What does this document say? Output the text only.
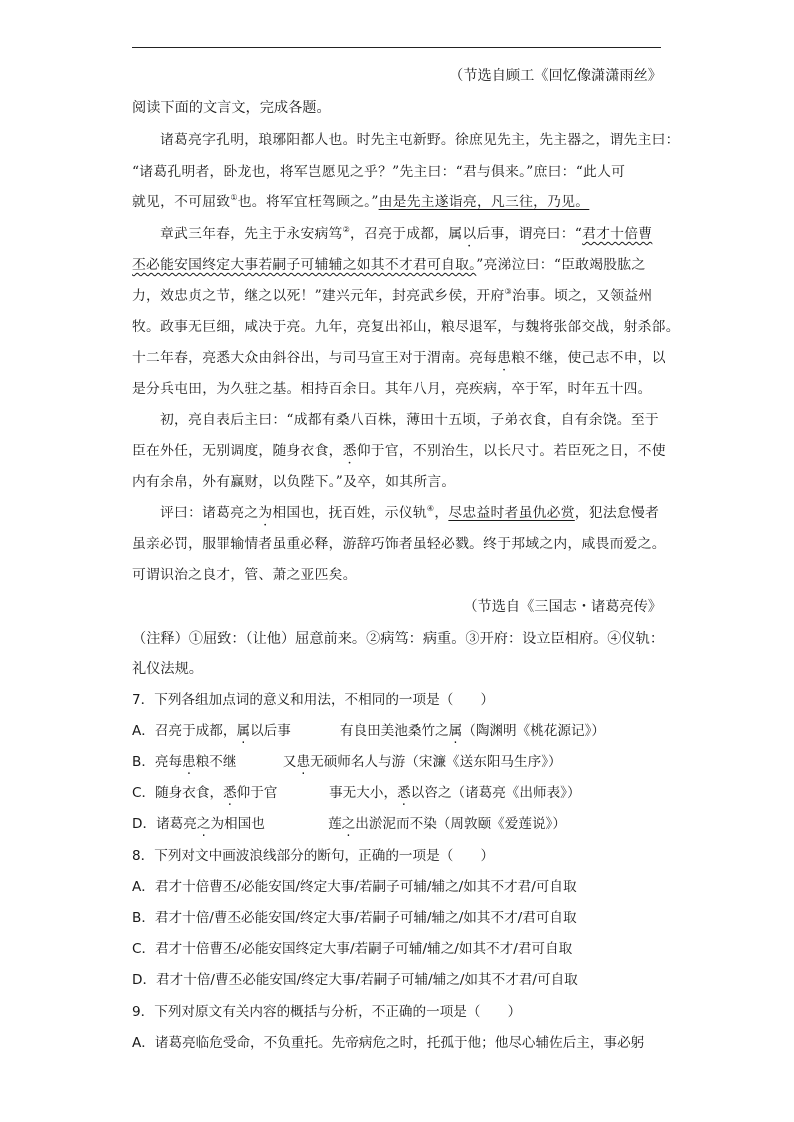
（节选自顾工《回忆像潇潇雨丝》
阅读下面的文言文，完成各题。
诸葛亮字孔明，琅琊阳都人也。时先主屯新野。徐庶见先主，先主器之，谓先主曰：
“诸葛孔明者，卧龙也，将军岂愿见之乎？”先主曰：“君与俱来。”庶曰：“此人可
就见，不可屈致①也。将军宜枉驾顾之。”由是先主遂诣亮，凡三往，乃见。
章武三年春，先主于永安病笃②，召亮于成都，属以后事，谓亮曰：“君才十倍曹
丕必能安国终定大事若嗣子可辅辅之如其不才君可自取。”亮涕泣曰：“臣敢竭股肱之
力，效忠贞之节，继之以死！”建兴元年，封亮武乡侯，开府③治事。顷之，又领益州
牧。政事无巨细，咸决于亮。九年，亮复出祁山，粮尽退军，与魏将张郃交战，射杀郃。
十二年春，亮悉大众由斜谷出，与司马宣王对于渭南。亮每患粮不继，使己志不申，以
是分兵屯田，为久驻之基。相持百余日。其年八月，亮疾病，卒于军，时年五十四。
初，亮自表后主曰：“成都有桑八百株，薄田十五顷，子弟衣食，自有余饶。至于
臣在外任，无别调度，随身衣食，悉仰于官，不别治生，以长尺寸。若臣死之日，不使
内有余帛，外有赢财，以负陛下。”及卒，如其所言。
评曰：诸葛亮之为相国也，抚百姓，示仪轨④，尽忠益时者虽仇必赏，犯法怠慢者
虽亲必罚，服罪输情者虽重必释，游辞巧饰者虽轻必戮。终于邦域之内，咸畏而爱之。
可谓识治之良才，管、萧之亚匹矣。
（节选自《三国志・诸葛亮传》
（注释）①屈致：（让他）屈意前来。②病笃：病重。③开府：设立臣相府。④仪轨：
礼仪法规。
7．下列各组加点词的意义和用法，不相同的一项是（　　）
A．召亮于成都，属以后事	有良田美池桑竹之属（陶渊明《桃花源记》）
B．亮每患粮不继	又患无硕师名人与游（宋濂《送东阳马生序》）
C．随身衣食，悉仰于官	事无大小，悉以咨之（诸葛亮《出师表》）
D．诸葛亮之为相国也	莲之出淤泥而不染（周敦颐《爱莲说》）
8．下列对文中画波浪线部分的断句，正确的一项是（　　）
A．君才十倍曹丕/必能安国/终定大事/若嗣子可辅/辅之/如其不才君/可自取
B．君才十倍/曹丕必能安国/终定大事/若嗣子可辅/辅之/如其不才/君可自取
C．君才十倍曹丕/必能安国终定大事/若嗣子可辅/辅之/如其不才/君可自取
D．君才十倍/曹丕必能安国/终定大事/若嗣子可辅/辅之/如其不才君/可自取
9．下列对原文有关内容的概括与分析，不正确的一项是（　　）
A．诸葛亮临危受命，不负重托。先帝病危之时，托孤于他；他尽心辅佐后主，事必躬
